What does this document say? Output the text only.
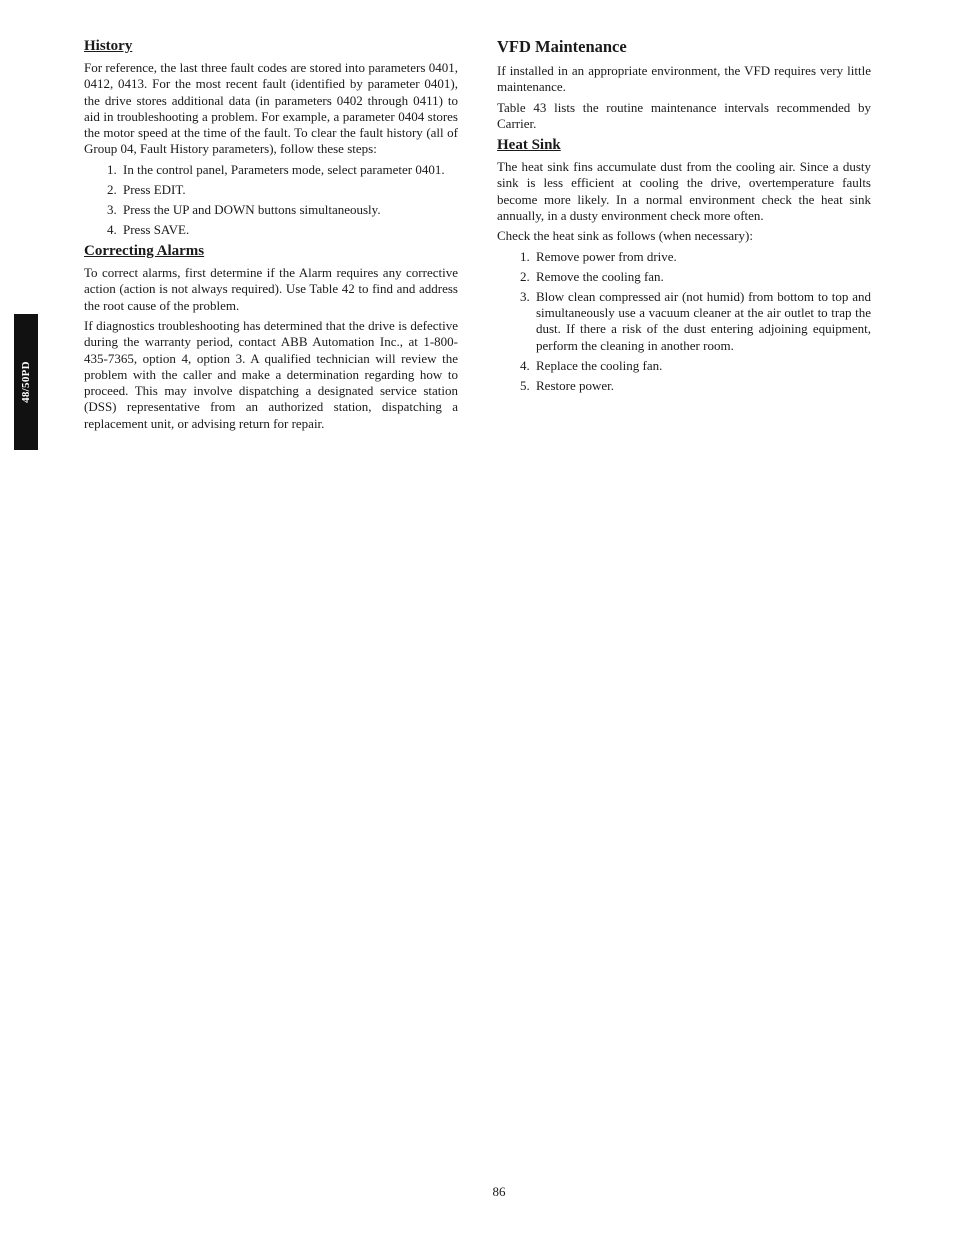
48/50PD
History

For reference, the last three fault codes are stored into parameters 0401, 0412, 0413. For the most recent fault (identified by parameter 0401), the drive stores additional data (in parameters 0402 through 0411) to aid in troubleshooting a problem. For example, a parameter 0404 stores the motor speed at the time of the fault. To clear the fault history (all of Group 04, Fault History parameters), follow these steps:

1. In the control panel, Parameters mode, select parameter 0401.
2. Press EDIT.
3. Press the UP and DOWN buttons simultaneously.
4. Press SAVE.
Correcting Alarms

To correct alarms, first determine if the Alarm requires any corrective action (action is not always required). Use Table 42 to find and address the root cause of the problem.

If diagnostics troubleshooting has determined that the drive is defective during the warranty period, contact ABB Automation Inc., at 1-800-435-7365, option 4, option 3. A qualified technician will review the problem with the caller and make a determination regarding how to proceed. This may involve dispatching a designated service station (DSS) representative from an authorized station, dispatching a replacement unit, or advising return for repair.

VFD Maintenance

If installed in an appropriate environment, the VFD requires very little maintenance.

Table 43 lists the routine maintenance intervals recommended by Carrier.

Heat Sink

The heat sink fins accumulate dust from the cooling air. Since a dusty sink is less efficient at cooling the drive, overtemperature faults become more likely. In a normal environment check the heat sink annually, in a dusty environment check more often.

Check the heat sink as follows (when necessary):

1. Remove power from drive.
2. Remove the cooling fan.
3. Blow clean compressed air (not humid) from bottom to top and simultaneously use a vacuum cleaner at the air outlet to trap the dust. If there a risk of the dust entering adjoining equipment, perform the cleaning in another room.
4. Replace the cooling fan.
5. Restore power.
86
